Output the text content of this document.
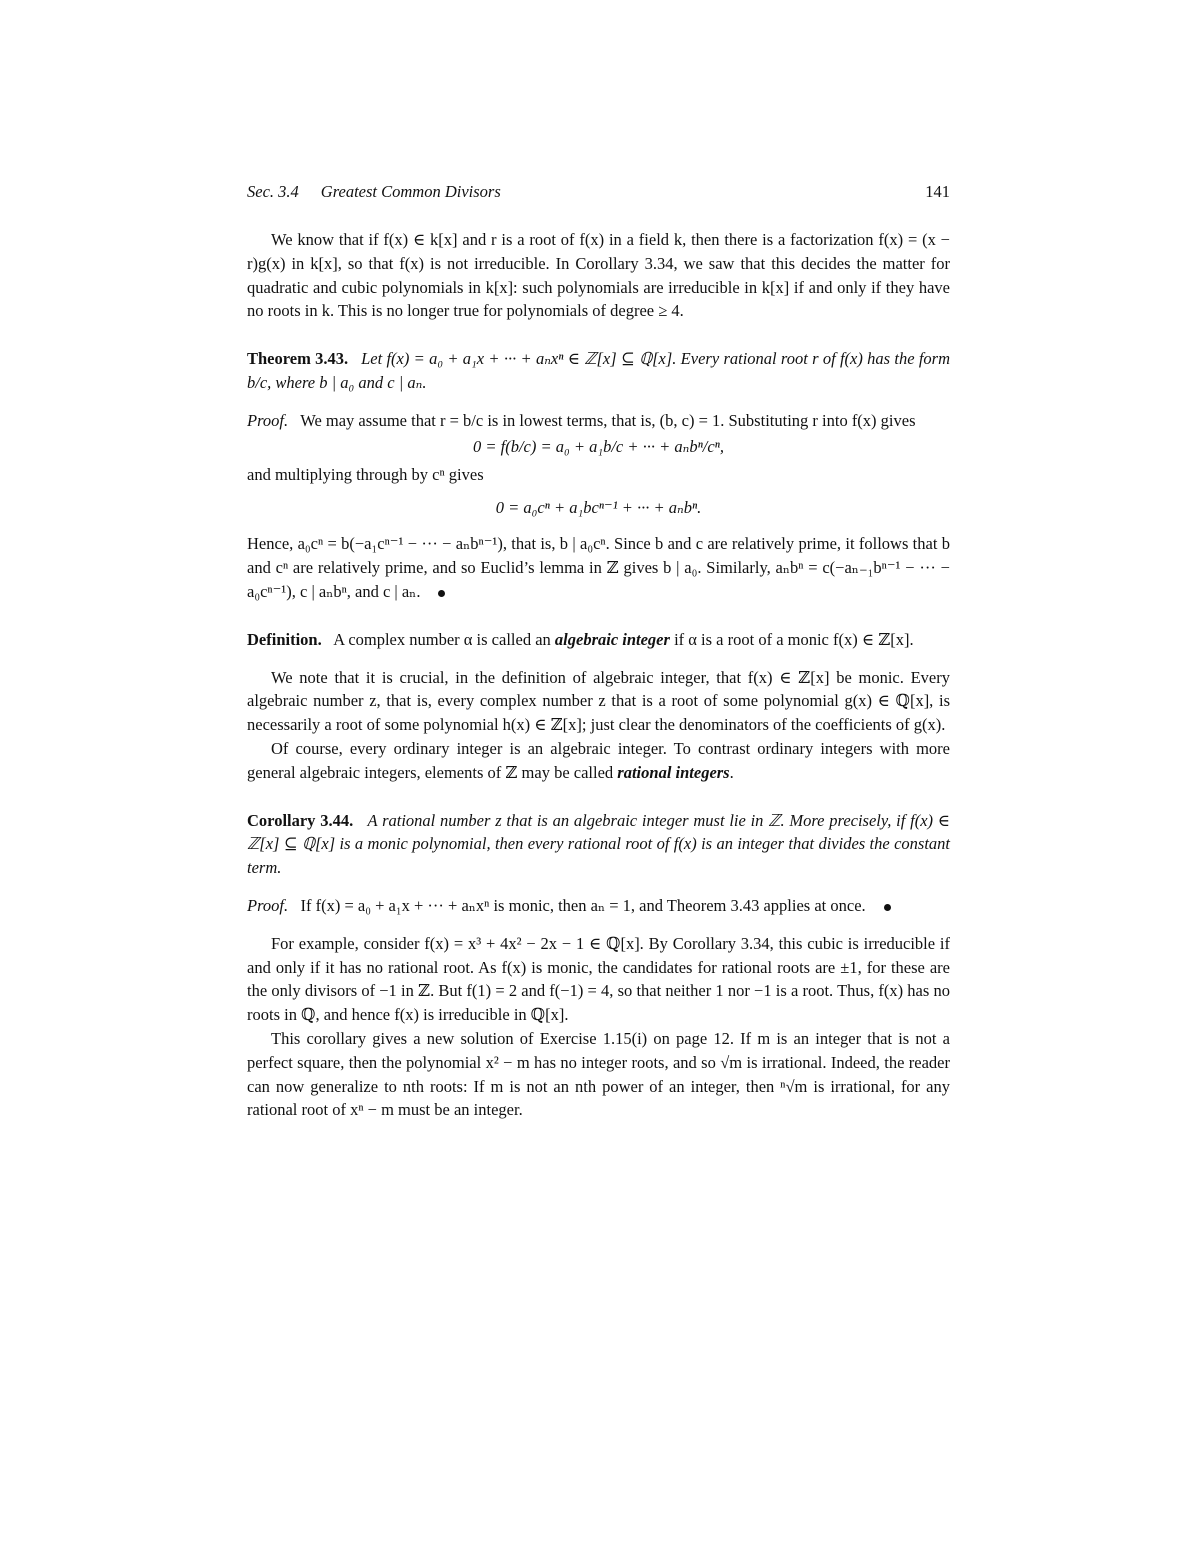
Sec. 3.4 Greatest Common Divisors	141

We know that if f(x) ∈ k[x] and r is a root of f(x) in a field k, then there is a factorization f(x) = (x − r)g(x) in k[x], so that f(x) is not irreducible. In Corollary 3.34, we saw that this decides the matter for quadratic and cubic polynomials in k[x]: such polynomials are irreducible in k[x] if and only if they have no roots in k. This is no longer true for polynomials of degree ≥ 4.

Theorem 3.43. Let f(x) = a₀ + a₁x + ··· + aₙxⁿ ∈ ℤ[x] ⊆ ℚ[x]. Every rational root r of f(x) has the form b/c, where b | a₀ and c | aₙ.

Proof. We may assume that r = b/c is in lowest terms, that is, (b, c) = 1. Substituting r into f(x) gives

0 = f(b/c) = a₀ + a₁b/c + ··· + aₙbⁿ/cⁿ,

and multiplying through by cⁿ gives

0 = a₀cⁿ + a₁bcⁿ⁻¹ + ··· + aₙbⁿ.

Hence, a₀cⁿ = b(−a₁cⁿ⁻¹ − ··· − aₙbⁿ⁻¹), that is, b | a₀cⁿ. Since b and c are relatively prime, it follows that b and cⁿ are relatively prime, and so Euclid’s lemma in ℤ gives b | a₀. Similarly, aₙbⁿ = c(−aₙ₋₁bⁿ⁻¹ − ··· − a₀cⁿ⁻¹), c | aₙbⁿ, and c | aₙ.

Definition. A complex number α is called an algebraic integer if α is a root of a monic f(x) ∈ ℤ[x].

We note that it is crucial, in the definition of algebraic integer, that f(x) ∈ ℤ[x] be monic. Every algebraic number z, that is, every complex number z that is a root of some polynomial g(x) ∈ ℚ[x], is necessarily a root of some polynomial h(x) ∈ ℤ[x]; just clear the denominators of the coefficients of g(x).

Of course, every ordinary integer is an algebraic integer. To contrast ordinary integers with more general algebraic integers, elements of ℤ may be called rational integers.

Corollary 3.44. A rational number z that is an algebraic integer must lie in ℤ. More precisely, if f(x) ∈ ℤ[x] ⊆ ℚ[x] is a monic polynomial, then every rational root of f(x) is an integer that divides the constant term.

Proof. If f(x) = a₀ + a₁x + ··· + aₙxⁿ is monic, then aₙ = 1, and Theorem 3.43 applies at once.

For example, consider f(x) = x³ + 4x² − 2x − 1 ∈ ℚ[x]. By Corollary 3.34, this cubic is irreducible if and only if it has no rational root. As f(x) is monic, the candidates for rational roots are ±1, for these are the only divisors of −1 in ℤ. But f(1) = 2 and f(−1) = 4, so that neither 1 nor −1 is a root. Thus, f(x) has no roots in ℚ, and hence f(x) is irreducible in ℚ[x].

This corollary gives a new solution of Exercise 1.15(i) on page 12. If m is an integer that is not a perfect square, then the polynomial x² − m has no integer roots, and so √m is irrational. Indeed, the reader can now generalize to nth roots: If m is not an nth power of an integer, then ⁿ√m is irrational, for any rational root of xⁿ − m must be an integer.
